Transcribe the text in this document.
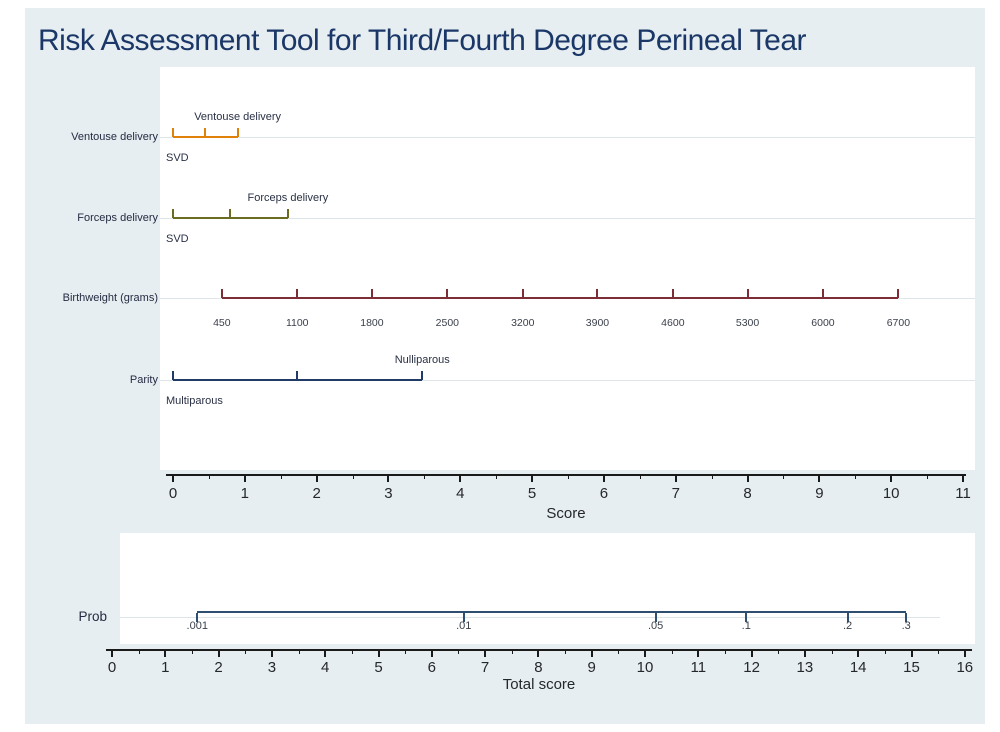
Risk Assessment Tool for Third/Fourth Degree Perineal Tear
Ventouse delivery
SVD
Ventouse delivery
Forceps delivery
SVD
Forceps delivery
Birthweight (grams)
450	1100	1800	2500	3200	3900	4600	5300	6000	6700
Parity
Multiparous
Nulliparous
0	1	2	3	4	5	6	7	8	9	10	11
Score
0	1	2	3	4	5	6	7	8	9	10	11	12	13	14	15	16
Total score
Prob
.001	.01	.05	.1	.2	.3
